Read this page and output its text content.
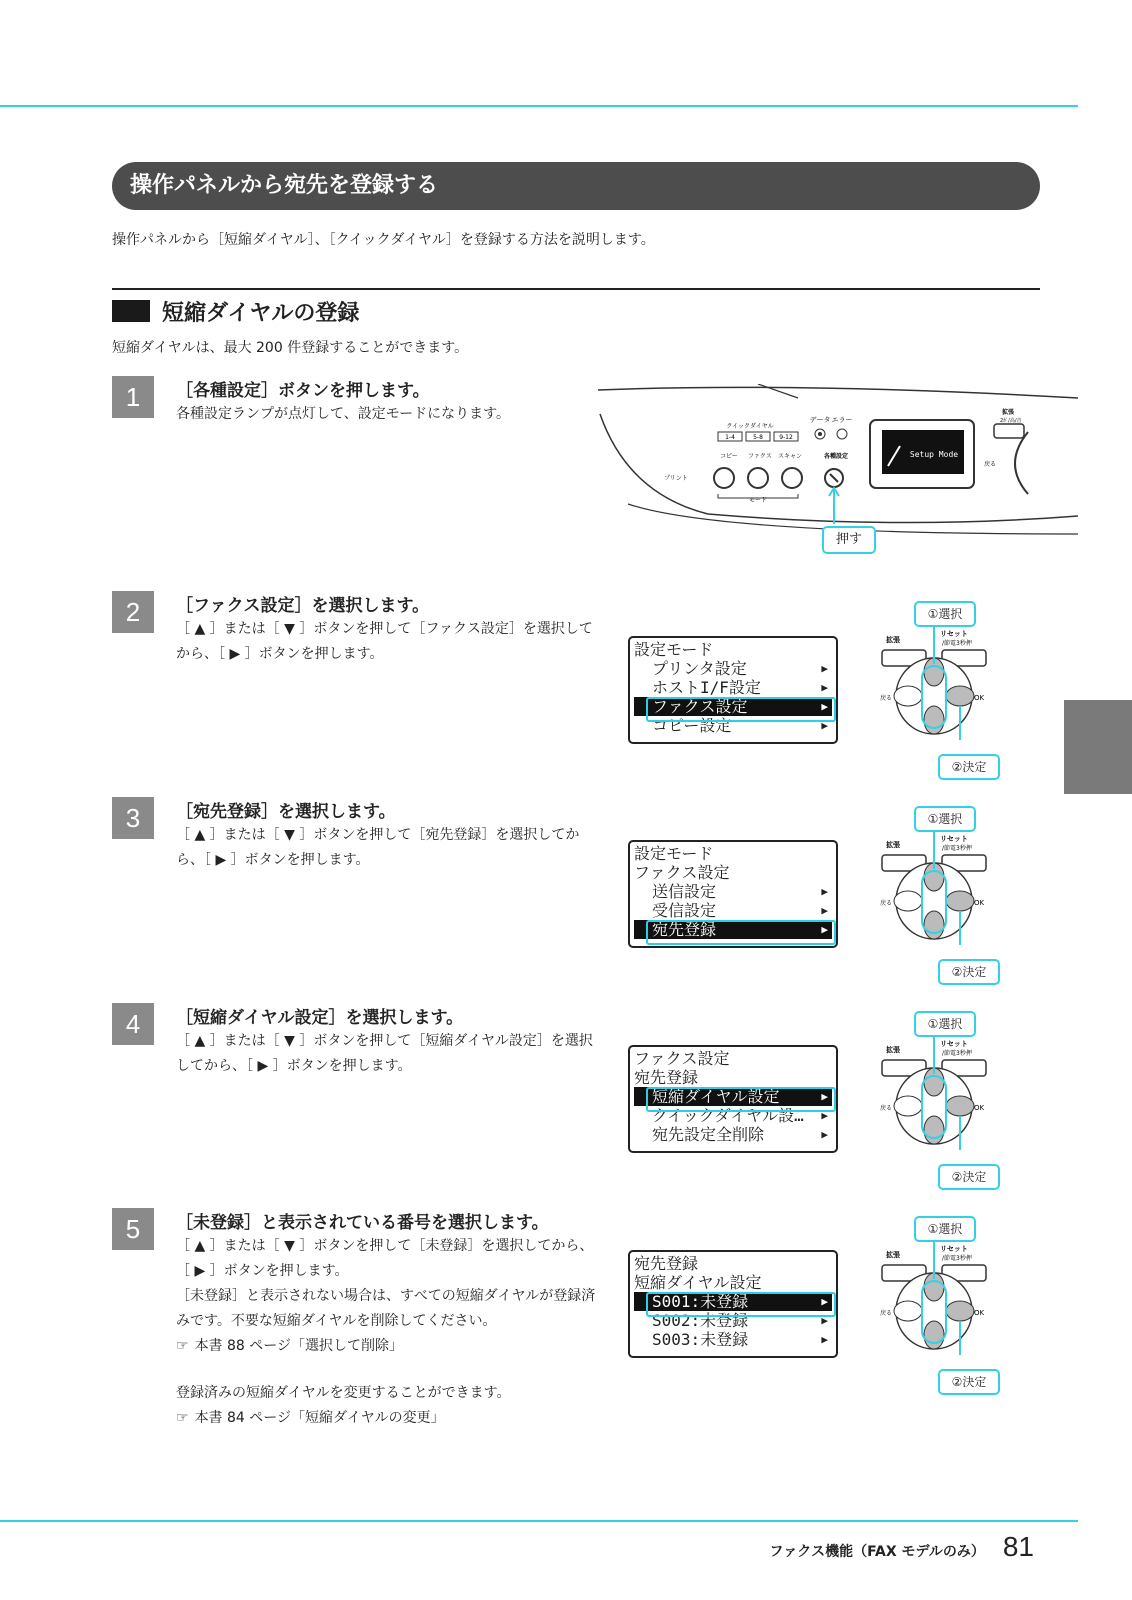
操作パネルから宛先を登録する
操作パネルから［短縮ダイヤル］、［クイックダイヤル］を登録する方法を説明します。
短縮ダイヤルの登録
短縮ダイヤルは、最大 200 件登録することができます。
1	［各種設定］ボタンを押します。

各種設定ランプが点灯して、設定モードになります。

クイックダイヤル
1-4	5-8	9-12
データ エラー
コピー ファクス スキャン	各種設定
プリント
モード
Setup Mode
拡張
2ｶﾞ/高/音
戻る
押す
2	［ファクス設定］を選択します。

［ ▲ ］または［ ▼ ］ボタンを押して［ファクス設定］を選択してから、［ ▶ ］ボタンを押します。	設定モード
プリンタ設定	▶
ホストI/F設定	▶
ファクス設定	▶
コピー設定	▶
3	［宛先登録］を選択します。

［ ▲ ］または［ ▼ ］ボタンを押して［宛先登録］を選択してから、［ ▶ ］ボタンを押します。	設定モード
ファクス設定
送信設定	▶
受信設定	▶
宛先登録	▶
4	［短縮ダイヤル設定］を選択します。

［ ▲ ］または［ ▼ ］ボタンを押して［短縮ダイヤル設定］を選択してから、［ ▶ ］ボタンを押します。	ファクス設定
宛先登録
短縮ダイヤル設定	▶
クイックダイヤル設… ▶
宛先設定全削除	▶
5	［未登録］と表示されている番号を選択します。

［ ▲ ］または［ ▼ ］ボタンを押して［未登録］を選択してから、［ ▶ ］ボタンを押します。

［未登録］と表示されない場合は、すべての短縮ダイヤルが登録済みです。不要な短縮ダイヤルを削除してください。

☞ 本書 88 ページ「選択して削除」

登録済みの短縮ダイヤルを変更することができます。

☞ 本書 84 ページ「短縮ダイヤルの変更」

宛先登録
短縮ダイヤル設定
S001:未登録	▶
S002:未登録	▶
S003:未登録	▶
拡張
リセット
/節電3秒押
戻る	OK
拡張
リセット
/節電3秒押
戻る	OK
拡張
リセット
/節電3秒押
戻る	OK
拡張
リセット
/節電3秒押
戻る	OK
①選択
②決定
①選択
②決定
①選択
②決定
①選択
②決定
ファクス機能（FAX モデルのみ） 81
